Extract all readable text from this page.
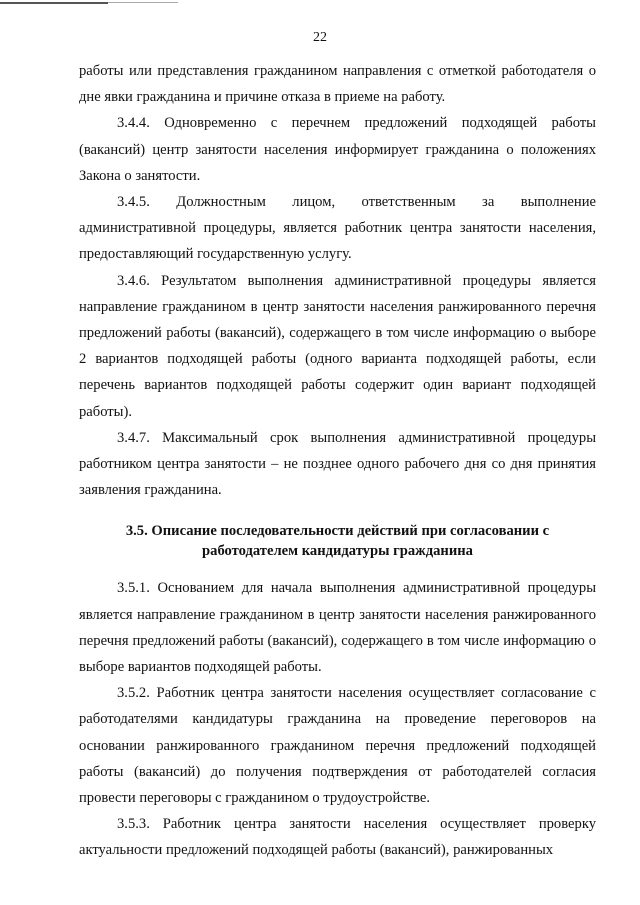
22

работы или представления гражданином направления с отметкой работодателя о дне явки гражданина и причине отказа в приеме на работу.

3.4.4. Одновременно с перечнем предложений подходящей работы (вакансий) центр занятости населения информирует гражданина о положениях Закона о занятости.

3.4.5. Должностным лицом, ответственным за выполнение административной процедуры, является работник центра занятости населения, предоставляющий государственную услугу.

3.4.6. Результатом выполнения административной процедуры является направление гражданином в центр занятости населения ранжированного перечня предложений работы (вакансий), содержащего в том числе информацию о выборе 2 вариантов подходящей работы (одного варианта подходящей работы, если перечень вариантов подходящей работы содержит один вариант подходящей работы).

3.4.7. Максимальный срок выполнения административной процедуры работником центра занятости – не позднее одного рабочего дня со дня принятия заявления гражданина.

3.5. Описание последовательности действий при согласовании с работодателем кандидатуры гражданина

3.5.1. Основанием для начала выполнения административной процедуры является направление гражданином в центр занятости населения ранжированного перечня предложений работы (вакансий), содержащего в том числе информацию о выборе вариантов подходящей работы.

3.5.2. Работник центра занятости населения осуществляет согласование с работодателями кандидатуры гражданина на проведение переговоров на основании ранжированного гражданином перечня предложений подходящей работы (вакансий) до получения подтверждения от работодателей согласия провести переговоры с гражданином о трудоустройстве.

3.5.3. Работник центра занятости населения осуществляет проверку актуальности предложений подходящей работы (вакансий), ранжированных
